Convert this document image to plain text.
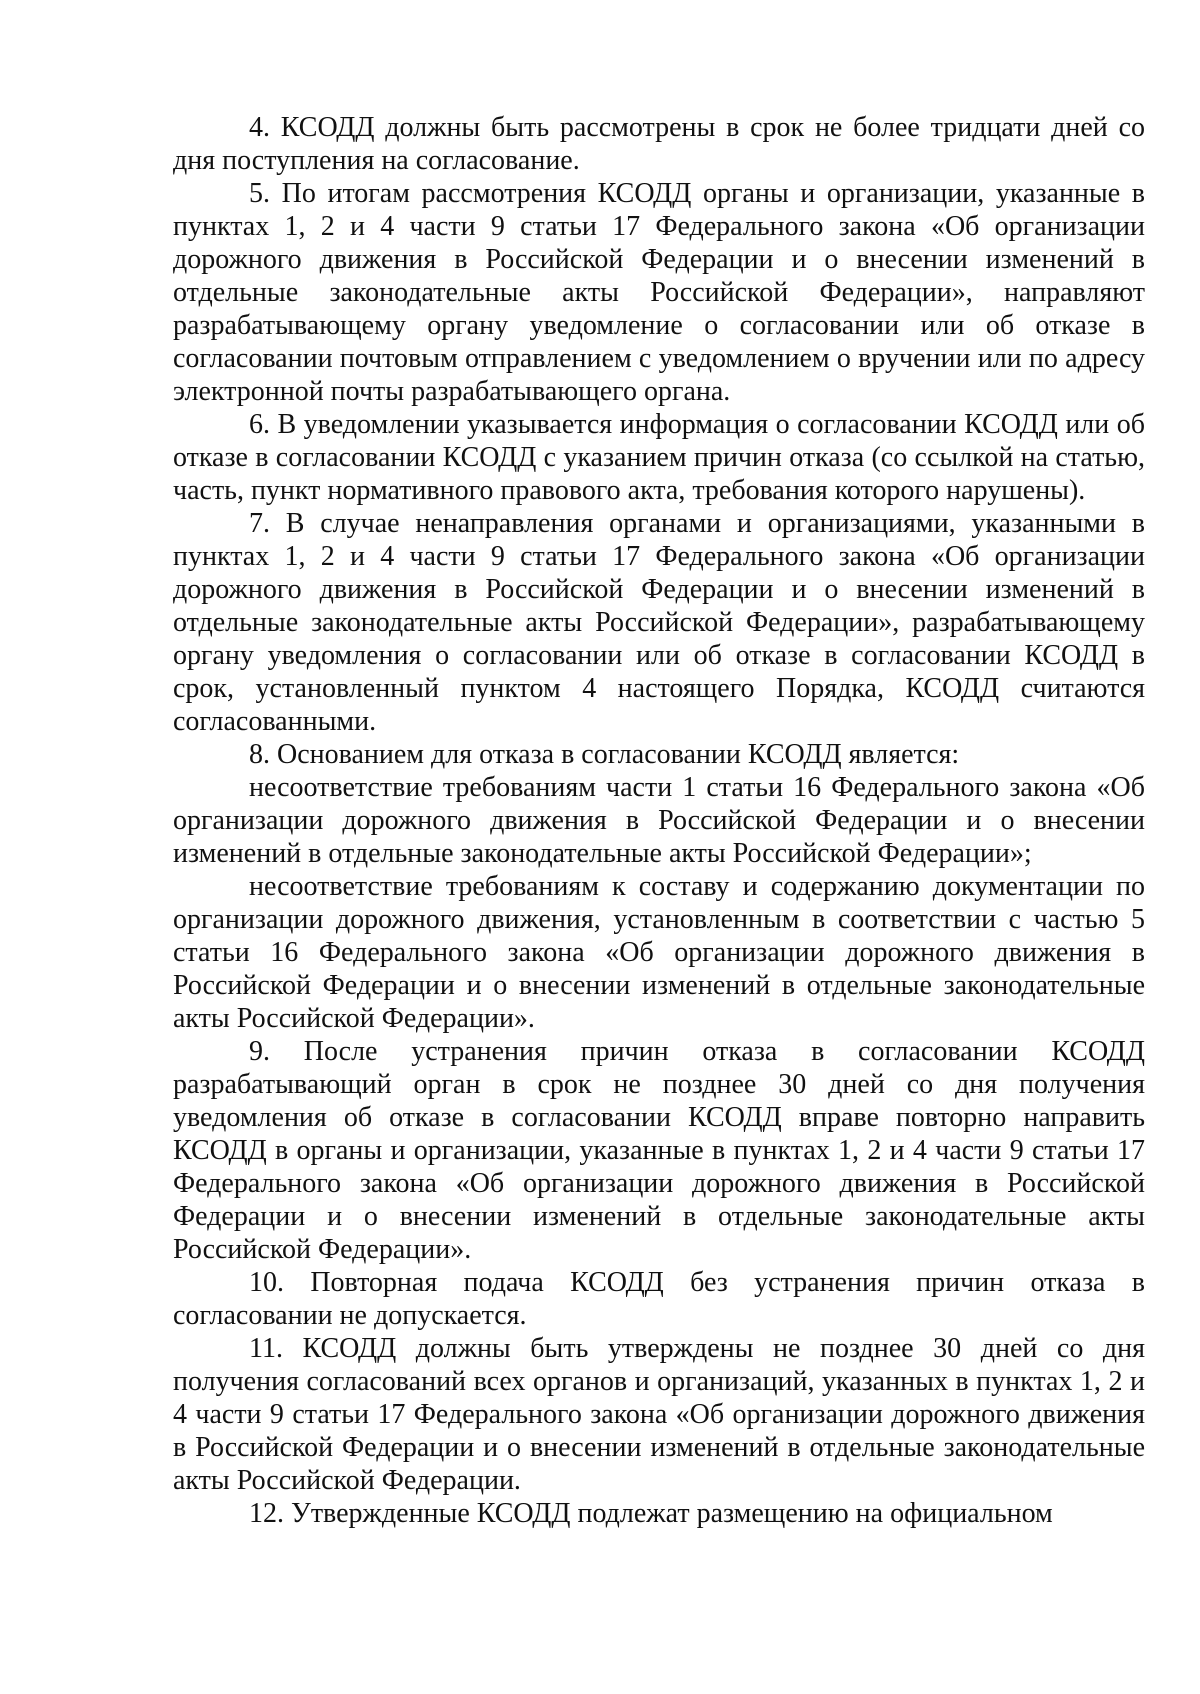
4. КСОДД должны быть рассмотрены в срок не более тридцати дней со дня поступления на согласование.

5. По итогам рассмотрения КСОДД органы и организации, указанные в пунктах 1, 2 и 4 части 9 статьи 17 Федерального закона «Об организации дорожного движения в Российской Федерации и о внесении изменений в отдельные законодательные акты Российской Федерации», направляют разрабатывающему органу уведомление о согласовании или об отказе в согласовании почтовым отправлением с уведомлением о вручении или по адресу электронной почты разрабатывающего органа.

6. В уведомлении указывается информация о согласовании КСОДД или об отказе в согласовании КСОДД с указанием причин отказа (со ссылкой на статью, часть, пункт нормативного правового акта, требования которого нарушены).

7. В случае ненаправления органами и организациями, указанными в пунктах 1, 2 и 4 части 9 статьи 17 Федерального закона «Об организации дорожного движения в Российской Федерации и о внесении изменений в отдельные законодательные акты Российской Федерации», разрабатывающему органу уведомления о согласовании или об отказе в согласовании КСОДД в срок, установленный пунктом 4 настоящего Порядка, КСОДД считаются согласованными.

8. Основанием для отказа в согласовании КСОДД является:

несоответствие требованиям части 1 статьи 16 Федерального закона «Об организации дорожного движения в Российской Федерации и о внесении изменений в отдельные законодательные акты Российской Федерации»;

несоответствие требованиям к составу и содержанию документации по организации дорожного движения, установленным в соответствии с частью 5 статьи 16 Федерального закона «Об организации дорожного движения в Российской Федерации и о внесении изменений в отдельные законодательные акты Российской Федерации».

9. После устранения причин отказа в согласовании КСОДД разрабатывающий орган в срок не позднее 30 дней со дня получения уведомления об отказе в согласовании КСОДД вправе повторно направить КСОДД в органы и организации, указанные в пунктах 1, 2 и 4 части 9 статьи 17 Федерального закона «Об организации дорожного движения в Российской Федерации и о внесении изменений в отдельные законодательные акты Российской Федерации».

10. Повторная подача КСОДД без устранения причин отказа в согласовании не допускается.

11. КСОДД должны быть утверждены не позднее 30 дней со дня получения согласований всех органов и организаций, указанных в пунктах 1, 2 и 4 части 9 статьи 17 Федерального закона «Об организации дорожного движения в Российской Федерации и о внесении изменений в отдельные законодательные акты Российской Федерации.

12. Утвержденные КСОДД подлежат размещению на официальном
